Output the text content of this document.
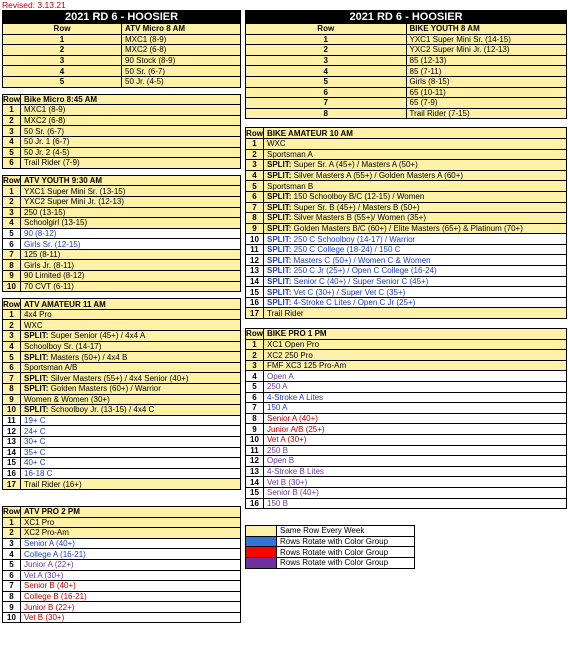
Revised: 3.13.21
2021 RD 6 - HOOSIER	
Row	ATV Micro 8 AM
1	MXC1 (8-9)
2	MXC2 (6-8)
3	90 Stock (8-9)
4	50 Sr. (6-7)
5	50 Jr. (4-5)
Row	Bike Micro 8:45 AM
1	MXC1 (8-9)
2	MXC2 (6-8)
3	50 Sr. (6-7)
4	50 Jr. 1 (6-7)
5	50 Jr. 2 (4-5)
6	Trail Rider (7-9)
Row	ATV YOUTH 9:30 AM
1	YXC1 Super Mini Sr. (13-15)
2	YXC2 Super Mini Jr. (12-13)
3	250 (13-15)
4	Schoolgirl (13-15)
5	90 (8-12)
6	Girls Sr. (12-15)
7	125 (8-11)
8	Girls Jr. (8-11)
9	90 Limited (8-12)
10	70 CVT (6-11)
Row	ATV AMATEUR 11 AM
1	4x4 Pro
2	WXC
3	SPLIT: Super Senior (45+) / 4x4 A
4	Schoolboy Sr. (14-17)
5	SPLIT: Masters (50+) / 4x4 B
6	Sportsman A/B
7	SPLIT: Silver Masters (55+) / 4x4 Senior (40+)
8	SPLIT: Golden Masters (60+) / Warrior
9	Women & Women (30+)
10	SPLIT: Schoolboy Jr. (13-15) / 4x4 C
11	19+ C
12	24+ C
13	30+ C
14	35+ C
15	40+ C
16	16-18 C
17	Trail Rider (16+)
Row	ATV PRO 2 PM
1	XC1 Pro
2	XC2 Pro-Am
3	Senior A (40+)
4	College A (16-21)
5	Junior A (22+)
6	Vet A (30+)
7	Senior B (40+)
8	College B (16-21)
9	Junior B (22+)
10	Vet B (30+)
2021 RD 6 - HOOSIER	
Row	BIKE YOUTH 8 AM
1	YXC1 Super Mini Sr. (14-15)
2	YXC2 Super Mini Jr. (12-13)
3	85 (12-13)
4	85 (7-11)
5	Girls (8-15)
6	65 (10-11)
7	65 (7-9)
8	Trail Rider (7-15)
Row	BIKE AMATEUR 10 AM
1	WXC
2	Sportsman A
3	SPLIT: Super Sr. A (45+) / Masters A (50+)
4	SPLIT: Silver Masters A (55+) / Golden Masters A (60+)
5	Sportsman B
6	SPLIT: 150 Schoolboy B/C (12-15) / Women
7	SPLIT: Super Sr. B (45+) / Masters B (50+)
8	SPLIT: Silver Masters B (55+)/ Women (35+)
9	SPLIT: Golden Masters B/C (60+) / Elite Masters (65+) & Platinum (70+)
10	SPLIT: 250 C Schoolboy (14-17) / Warrior
11	SPLIT: 250 C College (18-24) / 150 C
12	SPLIT: Masters C (50+) / Women C & Women
13	SPLIT: 250 C Jr (25+) / Open C College (16-24)
14	SPLIT: Senior C (40+) / Super Senior C (45+)
15	SPLIT: Vet C (30+) / Super Vet C (35+)
16	SPLIT: 4-Stroke C Lites / Open C Jr (25+)
17	Trail Rider
Row	BIKE PRO 1 PM
1	XC1 Open Pro
2	XC2 250 Pro
3	FMF XC3 125 Pro-Am
4	Open A
5	250 A
6	4-Stroke A Lites
7	150 A
8	Senior A (40+)
9	Junior A/B (25+)
10	Vet A (30+)
11	250 B
12	Open B
13	4-Stroke B Lites
14	Vet B (30+)
15	Senior B (40+)
16	150 B
	Same Row Every Week
	Rows Rotate with Color Group
	Rows Rotate with Color Group
	Rows Rotate with Color Group
